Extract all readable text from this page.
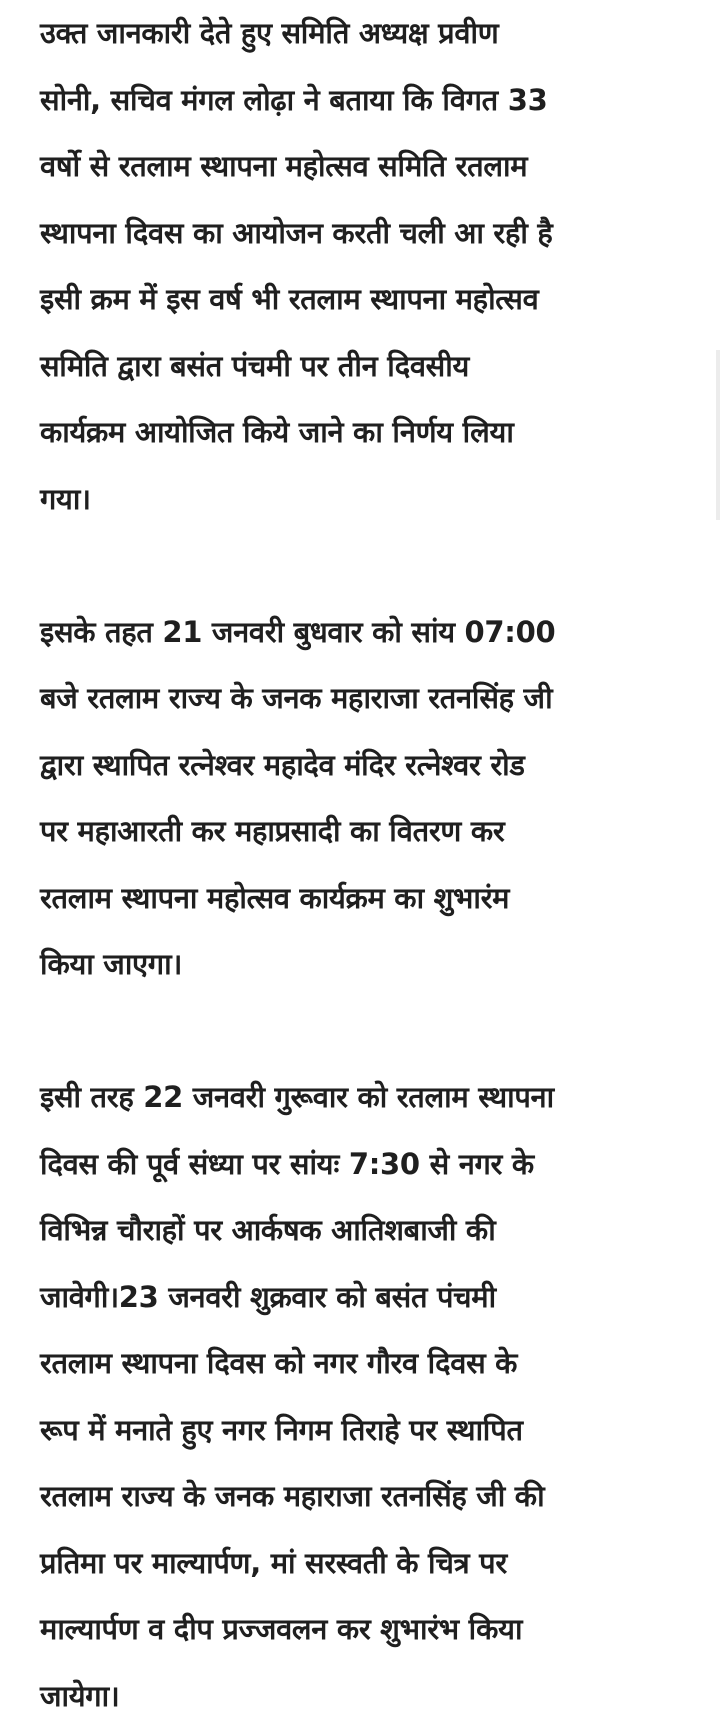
उक्त जानकारी देते हुए समिति अध्यक्ष प्रवीण
सोनी, सचिव मंगल लोढ़ा ने बताया कि विगत 33
वर्षो से रतलाम स्थापना महोत्सव समिति रतलाम
स्थापना दिवस का आयोजन करती चली आ रही है
इसी क्रम में इस वर्ष भी रतलाम स्थापना महोत्सव
समिति द्वारा बसंत पंचमी पर तीन दिवसीय
कार्यक्रम आयोजित किये जाने का निर्णय लिया
गया।
इसके तहत 21 जनवरी बुधवार को सांय 07:00
बजे रतलाम राज्य के जनक महाराजा रतनसिंह जी
द्वारा स्थापित रत्नेश्वर महादेव मंदिर रत्नेश्वर रोड
पर महाआरती कर महाप्रसादी का वितरण कर
रतलाम स्थापना महोत्सव कार्यक्रम का शुभारंम
किया जाएगा।
इसी तरह 22 जनवरी गुरूवार को रतलाम स्थापना
दिवस की पूर्व संध्या पर सांयः 7:30 से नगर के
विभिन्न चौराहों पर आर्कषक आतिशबाजी की
जावेगी।23 जनवरी शुक्रवार को बसंत पंचमी
रतलाम स्थापना दिवस को नगर गौरव दिवस के
रूप में मनाते हुए नगर निगम तिराहे पर स्थापित
रतलाम राज्य के जनक महाराजा रतनसिंह जी की
प्रतिमा पर माल्यार्पण, मां सरस्वती के चित्र पर
माल्यार्पण व दीप प्रज्जवलन कर शुभारंभ किया
जायेगा।
